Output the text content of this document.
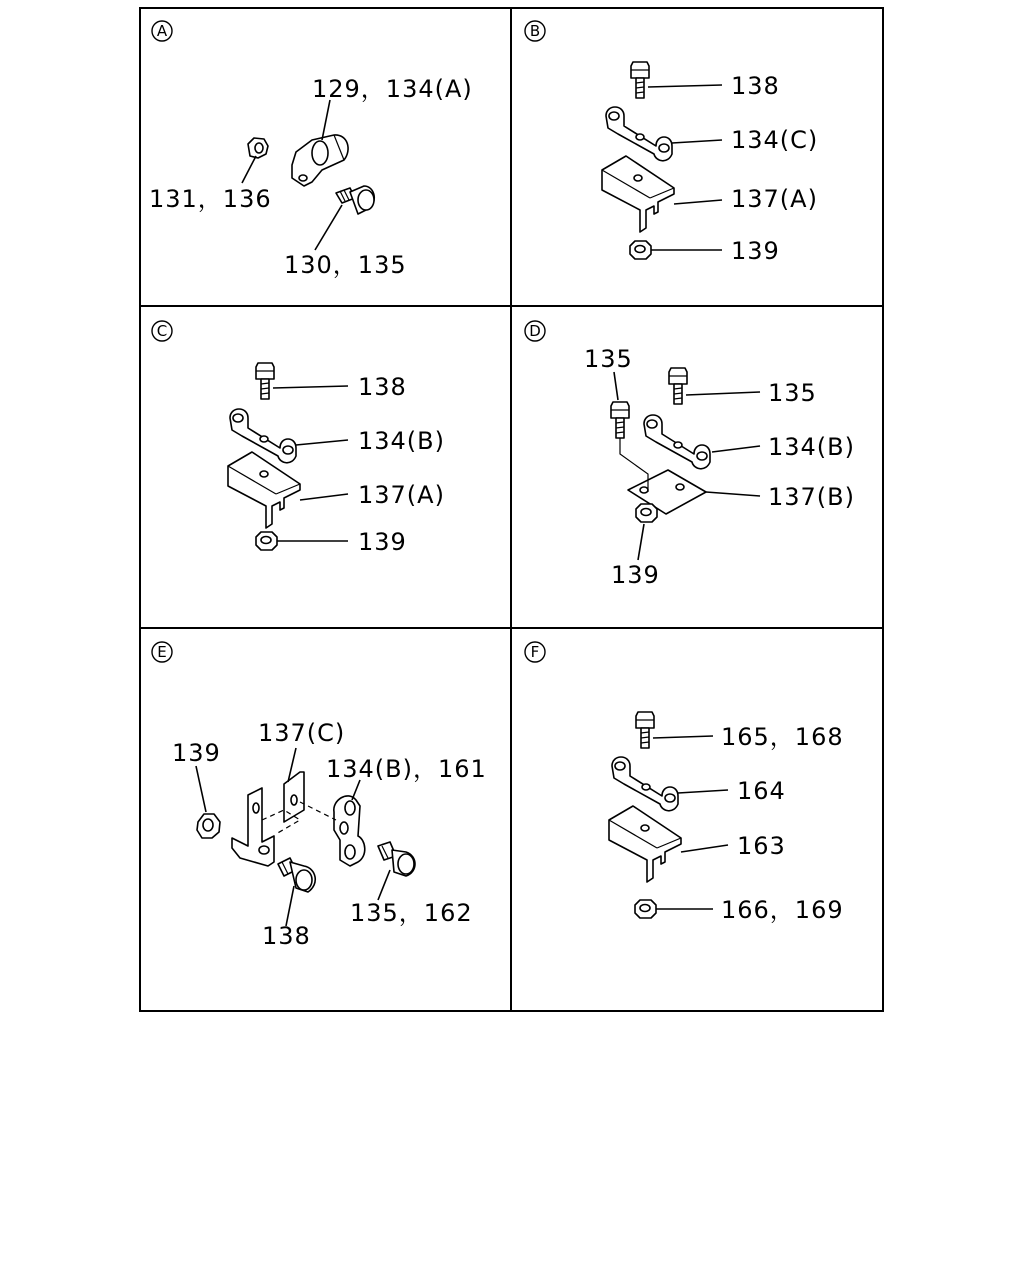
A
129，134(A)
131，136
130，135
B
138
134(C)
137(A)
139
C
138
134(B)
137(A)
139
D
135
135
134(B)
137(B)
139
E
139
137(C)
134(B)，161
135，162
138
F
165，168
164
163
166，169
